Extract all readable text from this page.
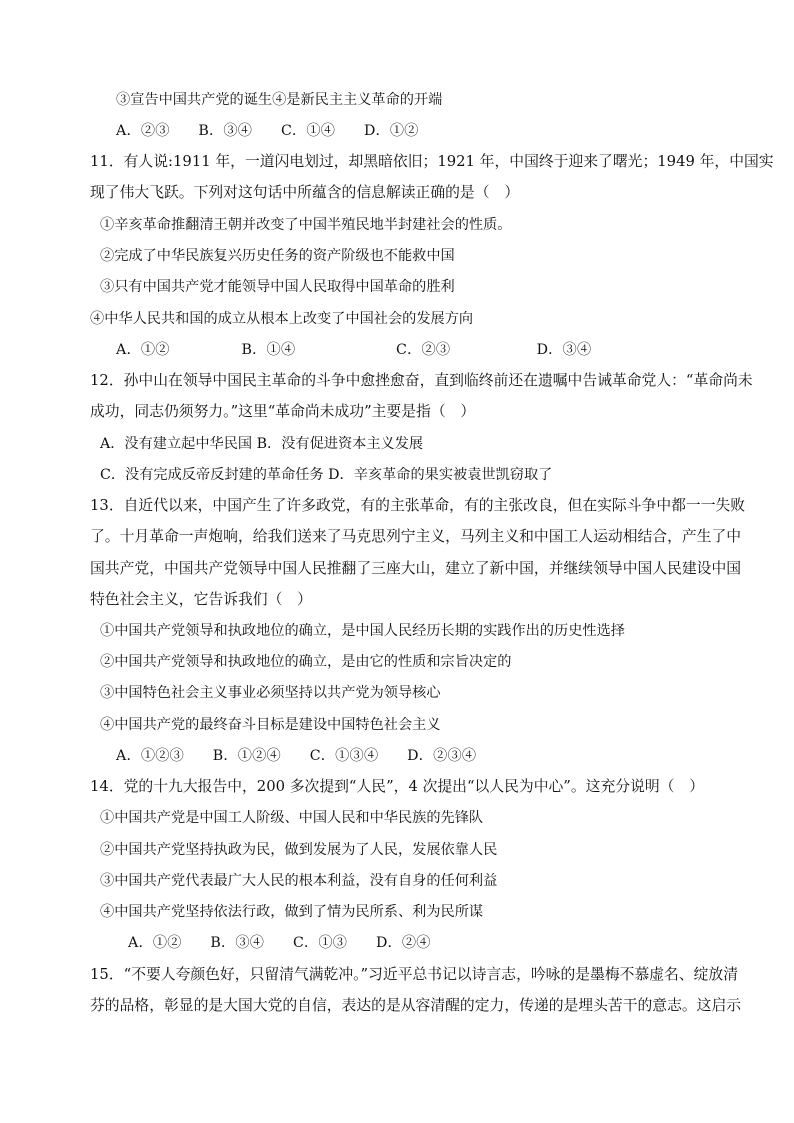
③宣告中国共产党的诞生④是新民主主义革命的开端
A．②③　　B．③④　　C．①④　　D．①②
11．有人说:1911 年，一道闪电划过，却黑暗依旧；1921 年，中国终于迎来了曙光；1949 年，中国实
现了伟大飞跃。下列对这句话中所蕴含的信息解读正确的是（　）
①辛亥革命推翻清王朝并改变了中国半殖民地半封建社会的性质。
②完成了中华民族复兴历史任务的资产阶级也不能救中国
③只有中国共产党才能领导中国人民取得中国革命的胜利
④中华人民共和国的成立从根本上改变了中国社会的发展方向
A．①②　　　　　B．①④　　　　　　　C．②③　　　　　　D．③④
12．孙中山在领导中国民主革命的斗争中愈挫愈奋，直到临终前还在遗嘱中告诫革命党人：“革命尚未
成功，同志仍须努力。”这里“革命尚未成功”主要是指（　）
A．没有建立起中华民国 B．没有促进资本主义发展
C．没有完成反帝反封建的革命任务 D．辛亥革命的果实被袁世凯窃取了
13．自近代以来，中国产生了许多政党，有的主张革命，有的主张改良，但在实际斗争中都一一失败
了。十月革命一声炮响，给我们送来了马克思列宁主义，马列主义和中国工人运动相结合，产生了中
国共产党，中国共产党领导中国人民推翻了三座大山，建立了新中国，并继续领导中国人民建设中国
特色社会主义，它告诉我们（　）
①中国共产党领导和执政地位的确立，是中国人民经历长期的实践作出的历史性选择
②中国共产党领导和执政地位的确立，是由它的性质和宗旨决定的
③中国特色社会主义事业必须坚持以共产党为领导核心
④中国共产党的最终奋斗目标是建设中国特色社会主义
A．①②③　　B．①②④　　C．①③④　　D．②③④
14．党的十九大报告中，200 多次提到“人民”，4 次提出“以人民为中心”。这充分说明（　）
①中国共产党是中国工人阶级、中国人民和中华民族的先锋队
②中国共产党坚持执政为民，做到发展为了人民，发展依靠人民
③中国共产党代表最广大人民的根本利益，没有自身的任何利益
④中国共产党坚持依法行政，做到了情为民所系、利为民所谋
A．①②　　B．③④　　C．①③　　D．②④
15．“不要人夸颜色好，只留清气满乾冲。”习近平总书记以诗言志，吟咏的是墨梅不慕虚名、绽放清
芬的品格，彰显的是大国大党的自信，表达的是从容清醒的定力，传递的是埋头苦干的意志。这启示
